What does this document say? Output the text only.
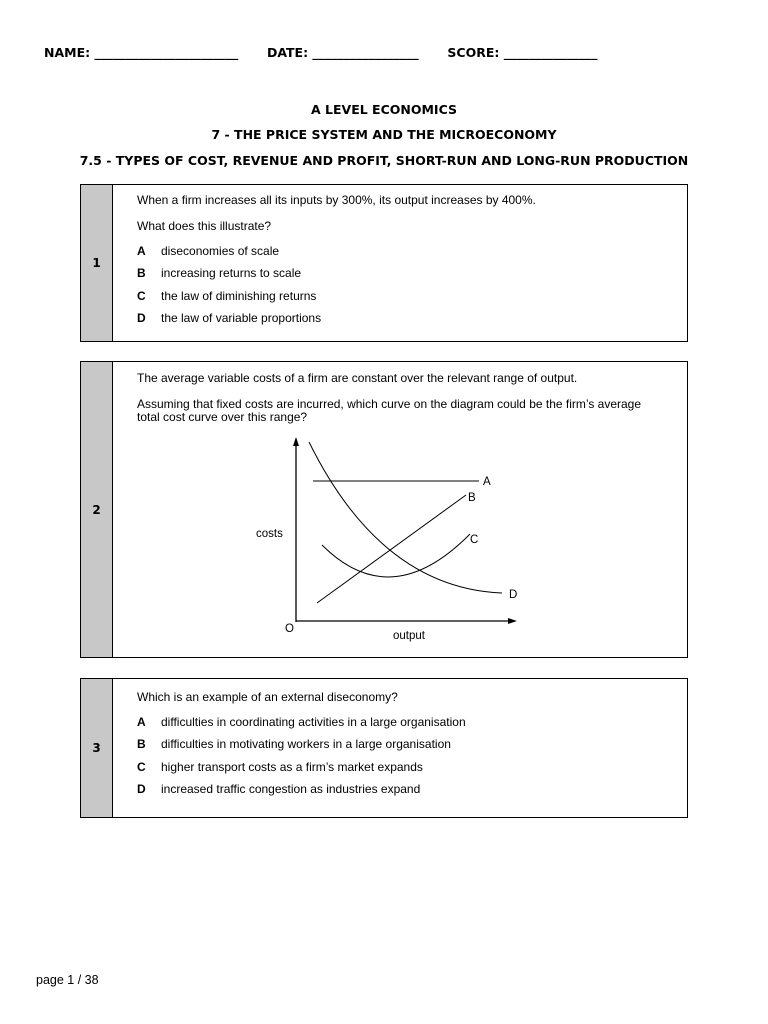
NAME: _______________________ DATE: _________________ SCORE: _______________
A LEVEL ECONOMICS
7 - THE PRICE SYSTEM AND THE MICROECONOMY
7.5 - TYPES OF COST, REVENUE AND PROFIT, SHORT-RUN AND LONG-RUN PRODUCTION
1
When a firm increases all its inputs by 300%, its output increases by 400%.
What does this illustrate?
A diseconomies of scale
B increasing returns to scale
C the law of diminishing returns
D the law of variable proportions
2
The average variable costs of a firm are constant over the relevant range of output.
Assuming that fixed costs are incurred, which curve on the diagram could be the firm’s average
total cost curve over this range?
A
B
C
D
costs
output
O
3
Which is an example of an external diseconomy?
A difficulties in coordinating activities in a large organisation
B difficulties in motivating workers in a large organisation
C higher transport costs as a firm’s market expands
D increased traffic congestion as industries expand
page 1 / 38
